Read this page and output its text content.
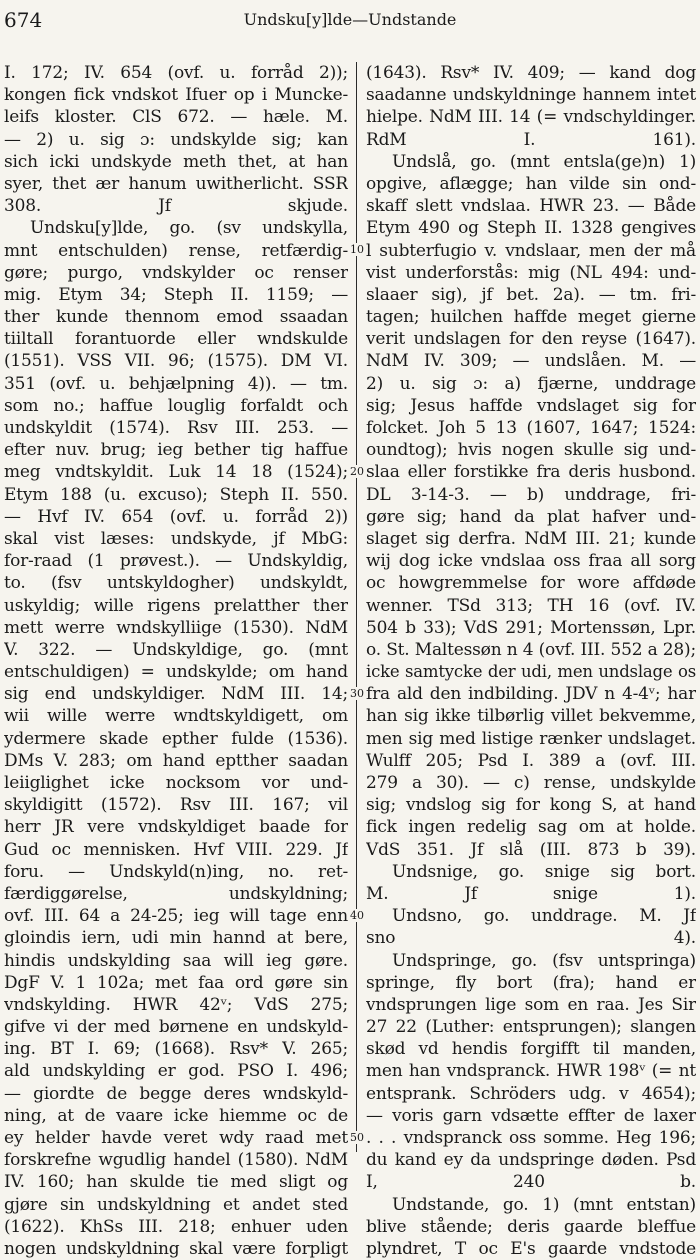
674	Undsku[y]lde—Undstande
I. 172; IV. 654 (ovf. u. forråd 2));
kongen fick vndskot Ifuer op i Muncke-
leifs kloster. ClS 672. — hæle. M.
— 2) u. sig ɔ: undskylde sig; kan
sich icki undskyde meth thet, at han
syer, thet ær hanum uwitherlicht. SSR
308. Jf skjude.
Undsku[y]lde, go. (sv undskylla,
mnt entschulden) rense, retfærdig-
gøre; purgo, vndskylder oc renser
mig. Etym 34; Steph II. 1159; —
ther kunde thennom emod ssaadan
tiiltall forantuorde eller wndskulde
(1551). VSS VII. 96; (1575). DM VI.
351 (ovf. u. behjælpning 4)). — tm.
som no.; haffue louglig forfaldt och
undskyldit (1574). Rsv III. 253. —
efter nuv. brug; ieg bether tig haffue
meg vndtskyldit. Luk 14 18 (1524);
Etym 188 (u. excuso); Steph II. 550.
— Hvf IV. 654 (ovf. u. forråd 2))
skal vist læses: undskyde, jf MbG:
for-raad (1 prøvest.). — Undskyldig,
to. (fsv untskyldogher) undskyldt,
uskyldig; wille rigens prelatther ther
mett werre wndskylliige (1530). NdM
V. 322. — Undskyldige, go. (mnt
entschuldigen) = undskylde; om hand
sig end undskyldiger. NdM III. 14;
wii wille werre wndtskyldigett, om
ydermere skade epther fulde (1536).
DMs V. 283; om hand eptther saadan
leiiglighet icke nocksom vor und-
skyldigitt (1572). Rsv III. 167; vil
herr JR vere vndskyldiget baade for
Gud oc mennisken. Hvf VIII. 229. Jf
foru. — Undskyld(n)ing, no. ret-
færdiggørelse, undskyldning;
ovf. III. 64 a 24-25; ieg will tage enn
gloindis iern, udi min hannd at bere,
hindis undskylding saa will ieg gøre.
DgF V. 1 102a; met faa ord gøre sin
vndskylding. HWR 42ᵛ; VdS 275;
gifve vi der med børnene en undskyld-
ing. BT I. 69; (1668). Rsv* V. 265;
ald undskylding er god. PSO I. 496;
— giordte de begge deres wndskyld-
ning, at de vaare icke hiemme oc de
ey helder havde veret wdy raad met
forskrefne wgudlig handel (1580). NdM
IV. 160; han skulde tie med sligt og
gjøre sin undskyldning et andet sted
(1622). KhSs III. 218; enhuer uden
nogen undskyldning skal være forpligt
(1643). Rsv* IV. 409; — kand dog
saadanne undskyldninge hannem intet
hielpe. NdM III. 14 (= vndschyldinger.
RdM I. 161).
Undslå, go. (mnt entsla(ge)n) 1)
opgive, aflægge; han vilde sin ond-
skaff slett vndslaa. HWR 23. — Både
Etym 490 og Steph II. 1328 gengives
l subterfugio v. vndslaar, men der må
vist underforstås: mig (NL 494: und-
slaaer sig), jf bet. 2a). — tm. fri-
tagen; huilchen haffde meget gierne
verit undslagen for den reyse (1647).
NdM IV. 309; — undslåen. M. —
2) u. sig ɔ: a) fjærne, unddrage
sig; Jesus haffde vndslaget sig for
folcket. Joh 5 13 (1607, 1647; 1524:
oundtog); hvis nogen skulle sig und-
slaa eller forstikke fra deris husbond.
DL 3-14-3. — b) unddrage, fri-
gøre sig; hand da plat hafver und-
slaget sig derfra. NdM III. 21; kunde
wij dog icke vndslaa oss fraa all sorg
oc howgremmelse for wore affdøde
wenner. TSd 313; TH 16 (ovf. IV.
504 b 33); VdS 291; Mortenssøn, Lpr.
o. St. Maltessøn n 4 (ovf. III. 552 a 28);
icke samtycke der udi, men undslage os
fra ald den indbilding. JDV n 4-4ᵛ; har
han sig ikke tilbørlig villet bekvemme,
men sig med listige rænker undslaget.
Wulff 205; Psd I. 389 a (ovf. III.
279 a 30). — c) rense, undskylde
sig; vndslog sig for kong S, at hand
fick ingen redelig sag om at holde.
VdS 351. Jf slå (III. 873 b 39).
Undsnige, go. snige sig bort.
M. Jf snige 1).
Undsno, go. unddrage. M. Jf
sno 4).
Undspringe, go. (fsv untspringa)
springe, fly bort (fra); hand er
vndsprungen lige som en raa. Jes Sir
27 22 (Luther: entsprungen); slangen
skød vd hendis forgifft til manden,
men han vndspranck. HWR 198ᵛ (= nt
entsprank. Schröders udg. v 4654);
— voris garn vdsætte effter de laxer
. . . vndspranck oss somme. Heg 196;
du kand ey da undspringe døden. Psd
I, 240 b.
Undstande, go. 1) (mnt entstan)
blive stående; deris gaarde bleffue
plyndret, T oc E's gaarde vndstode
10
20
30
40
50
